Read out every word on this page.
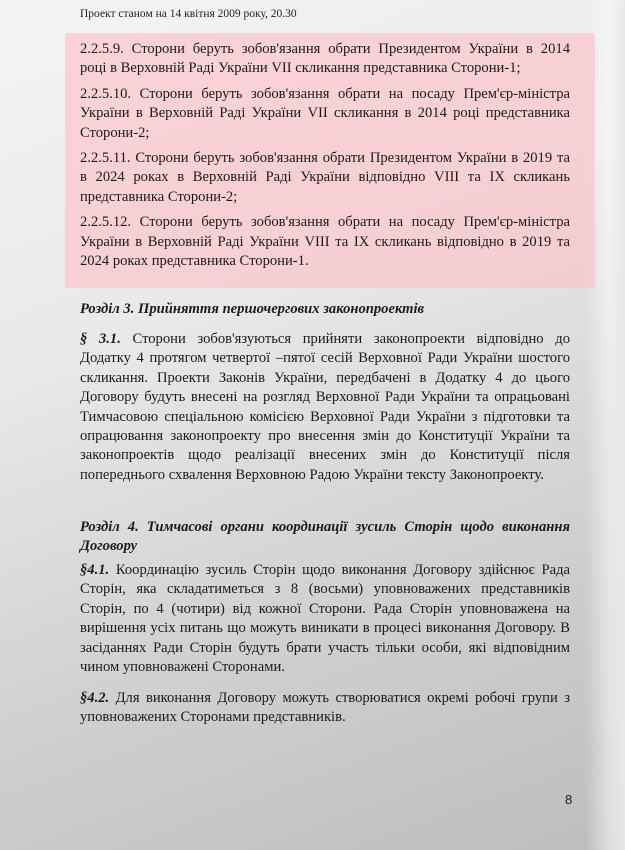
Проект станом на 14 квітня 2009 року, 20.30
2.2.5.9. Сторони беруть зобов'язання обрати Президентом України в 2014
році в Верховній Раді України VII скликання представника Сторони-1;
2.2.5.10. Сторони беруть зобов'язання обрати на посаду Прем'єр-міністра
України в Верховній Раді України VII скликання в 2014 році представника
Сторони-2;
2.2.5.11. Сторони беруть зобов'язання обрати Президентом України в 2019 та
в 2024 роках в Верховній Раді України відповідно VIII та IX скликань
представника Сторони-2;
2.2.5.12. Сторони беруть зобов'язання обрати на посаду Прем'єр-міністра
України в Верховній Раді України VIII та IX скликань відповідно в 2019 та
2024 роках представника Сторони-1.
Розділ 3. Прийняття першочергових законопроектів
§ 3.1. Сторони зобов'язуються прийняти законопроекти відповідно до
Додатку 4 протягом четвертої –пятої сесій Верховної Ради України шостого
скликання. Проекти Законів України, передбачені в Додатку 4 до цього
Договору будуть внесені на розгляд Верховної Ради України та опрацьовані
Тимчасовою спеціальною комісією Верховної Ради України з підготовки та
опрацювання законопроекту про внесення змін до Конституції України та
законопроектів щодо реалізації внесених змін до Конституції після
попереднього схвалення Верховною Радою України тексту Законопроекту.
Розділ 4. Тимчасові органи координації зусиль Сторін щодо виконання
Договору
§4.1. Координацію зусиль Сторін щодо виконання Договору здійснює Рада
Сторін, яка складатиметься з 8 (восьми) уповноважених представників
Сторін, по 4 (чотири) від кожної Сторони. Рада Сторін уповноважена на
вирішення усіх питань що можуть виникати в процесі виконання Договору. В
засіданнях Ради Сторін будуть брати участь тільки особи, які відповідним
чином уповноважені Сторонами.
§4.2. Для виконання Договору можуть створюватися окремі робочі групи з
уповноважених Сторонами представників.
8
